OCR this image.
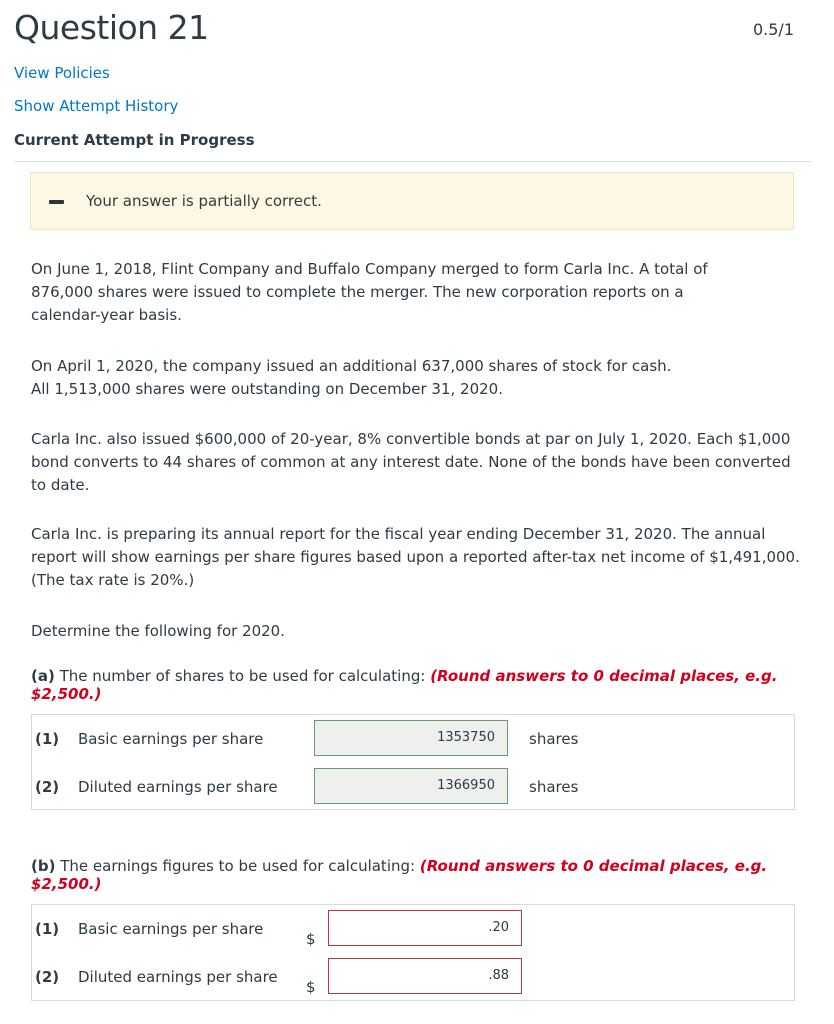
Question 21	0.5/1
View Policies
Show Attempt History
Current Attempt in Progress
Your answer is partially correct.

On June 1, 2018, Flint Company and Buffalo Company merged to form Carla Inc. A total of 876,000 shares were issued to complete the merger. The new corporation reports on a calendar-year basis.

On April 1, 2020, the company issued an additional 637,000 shares of stock for cash.
All 1,513,000 shares were outstanding on December 31, 2020.

Carla Inc. also issued $600,000 of 20-year, 8% convertible bonds at par on July 1, 2020. Each $1,000 bond converts to 44 shares of common at any interest date. None of the bonds have been converted to date.

Carla Inc. is preparing its annual report for the fiscal year ending December 31, 2020. The annual report will show earnings per share figures based upon a reported after-tax net income of $1,491,000. (The tax rate is 20%.)

Determine the following for 2020.

(a) The number of shares to be used for calculating: (Round answers to 0 decimal places, e.g. $2,500.)
(1) Basic earnings per share	1353750	shares
(2) Diluted earnings per share	1366950	shares
(b) The earnings figures to be used for calculating: (Round answers to 0 decimal places, e.g. $2,500.)
(1) Basic earnings per share
$
.20
(2) Diluted earnings per share
$
.88
